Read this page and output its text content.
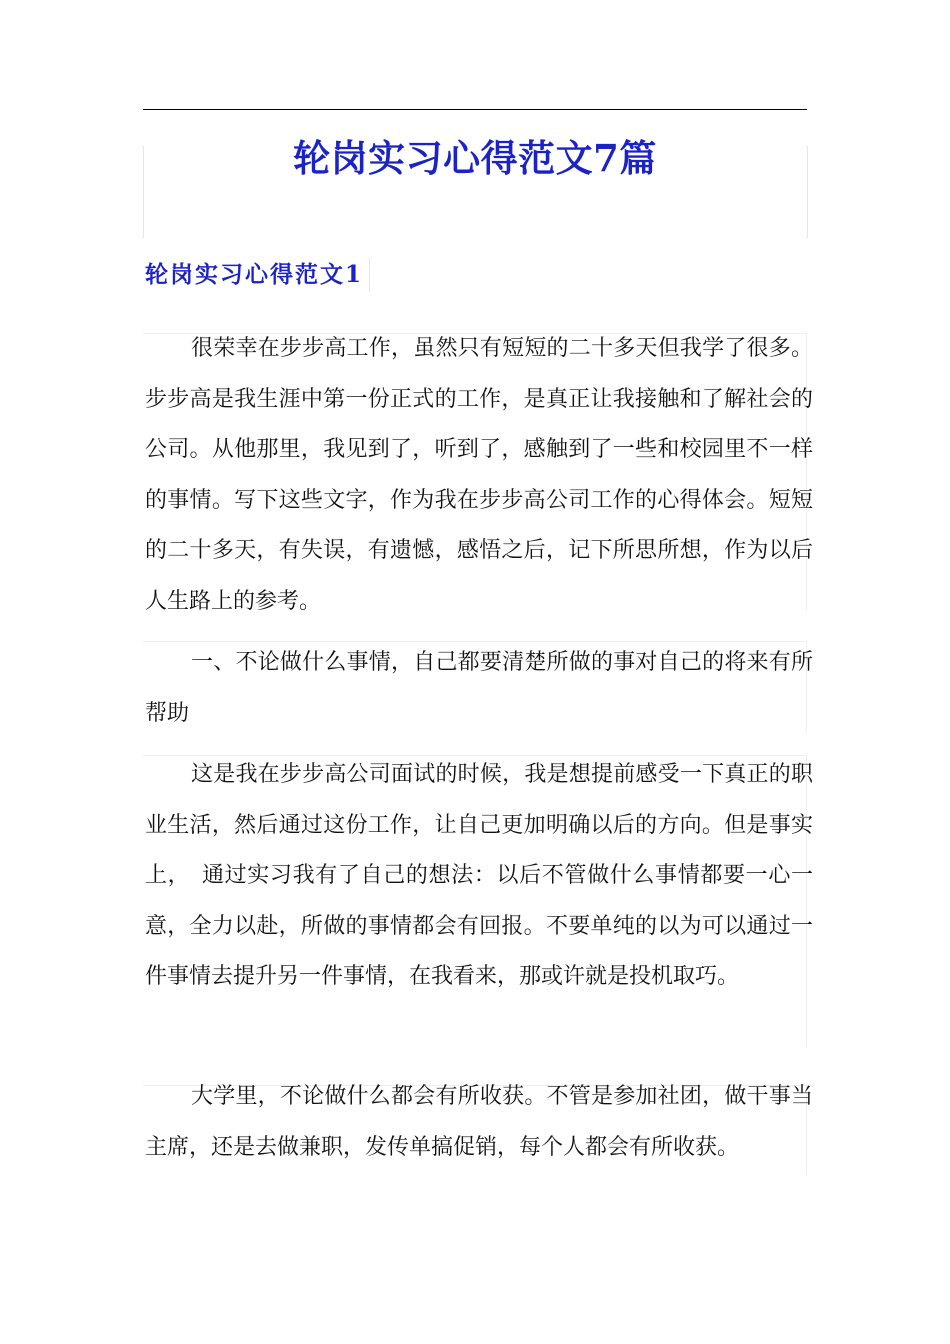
轮岗实习心得范文7篇
轮岗实习心得范文1

很荣幸在步步高工作，虽然只有短短的二十多天但我学了很多。步步高是我生涯中第一份正式的工作，是真正让我接触和了解社会的公司。从他那里，我见到了，听到了，感触到了一些和校园里不一样的事情。写下这些文字，作为我在步步高公司工作的心得体会。短短的二十多天，有失误，有遗憾，感悟之后，记下所思所想，作为以后人生路上的参考。

一、不论做什么事情，自己都要清楚所做的事对自己的将来有所帮助

这是我在步步高公司面试的时候，我是想提前感受一下真正的职业生活，然后通过这份工作，让自己更加明确以后的方向。但是事实上，　通过实习我有了自己的想法：以后不管做什么事情都要一心一意，全力以赴，所做的事情都会有回报。不要单纯的以为可以通过一件事情去提升另一件事情，在我看来，那或许就是投机取巧。

大学里，不论做什么都会有所收获。不管是参加社团，做干事当主席，还是去做兼职，发传单搞促销，每个人都会有所收获。
